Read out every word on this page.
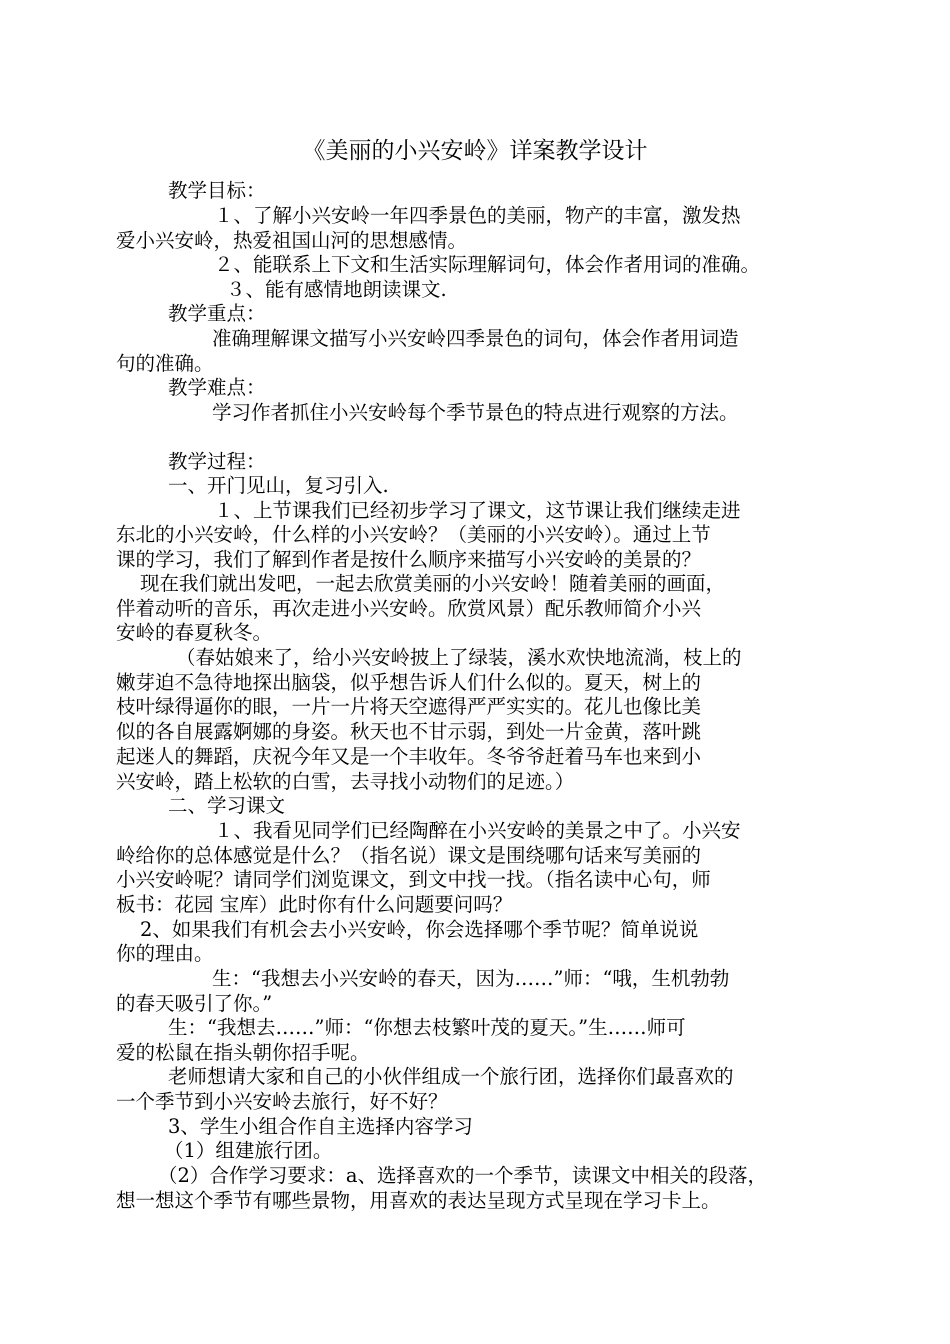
《美丽的小兴安岭》详案教学设计
教学目标：
１、了解小兴安岭一年四季景色的美丽，物产的丰富，激发热
爱小兴安岭，热爱祖国山河的思想感情。
２、能联系上下文和生活实际理解词句，体会作者用词的准确。
３、能有感情地朗读课文.
教学重点：
准确理解课文描写小兴安岭四季景色的词句，体会作者用词造
句的准确。
教学难点：
学习作者抓住小兴安岭每个季节景色的特点进行观察的方法。
教学过程：
一、开门见山，复习引入.
１、上节课我们已经初步学习了课文，这节课让我们继续走进
东北的小兴安岭，什么样的小兴安岭？（美丽的小兴安岭）。通过上节
课的学习，我们了解到作者是按什么顺序来描写小兴安岭的美景的？
现在我们就出发吧，一起去欣赏美丽的小兴安岭！随着美丽的画面，
伴着动听的音乐，再次走进小兴安岭。欣赏风景）配乐教师简介小兴
安岭的春夏秋冬。
（春姑娘来了，给小兴安岭披上了绿装，溪水欢快地流淌，枝上的
嫩芽迫不急待地探出脑袋，似乎想告诉人们什么似的。夏天，树上的
枝叶绿得逼你的眼，一片一片将天空遮得严严实实的。花儿也像比美
似的各自展露婀娜的身姿。秋天也不甘示弱，到处一片金黄，落叶跳
起迷人的舞蹈，庆祝今年又是一个丰收年。冬爷爷赶着马车也来到小
兴安岭，踏上松软的白雪，去寻找小动物们的足迹。）
二、学习课文
１、我看见同学们已经陶醉在小兴安岭的美景之中了。小兴安
岭给你的总体感觉是什么？（指名说）课文是围绕哪句话来写美丽的
小兴安岭呢？请同学们浏览课文，到文中找一找。（指名读中心句，师
板书：花园 宝库）此时你有什么问题要问吗？
2、如果我们有机会去小兴安岭，你会选择哪个季节呢？简单说说
你的理由。
生：“我想去小兴安岭的春天，因为……”师：“哦，生机勃勃
的春天吸引了你。”
生：“我想去……”师：“你想去枝繁叶茂的夏天。”生……师可
爱的松鼠在指头朝你招手呢。
老师想请大家和自己的小伙伴组成一个旅行团，选择你们最喜欢的
一个季节到小兴安岭去旅行，好不好？
3、学生小组合作自主选择内容学习
（1）组建旅行团。
（2）合作学习要求：a、选择喜欢的一个季节，读课文中相关的段落，
想一想这个季节有哪些景物，用喜欢的表达呈现方式呈现在学习卡上。
